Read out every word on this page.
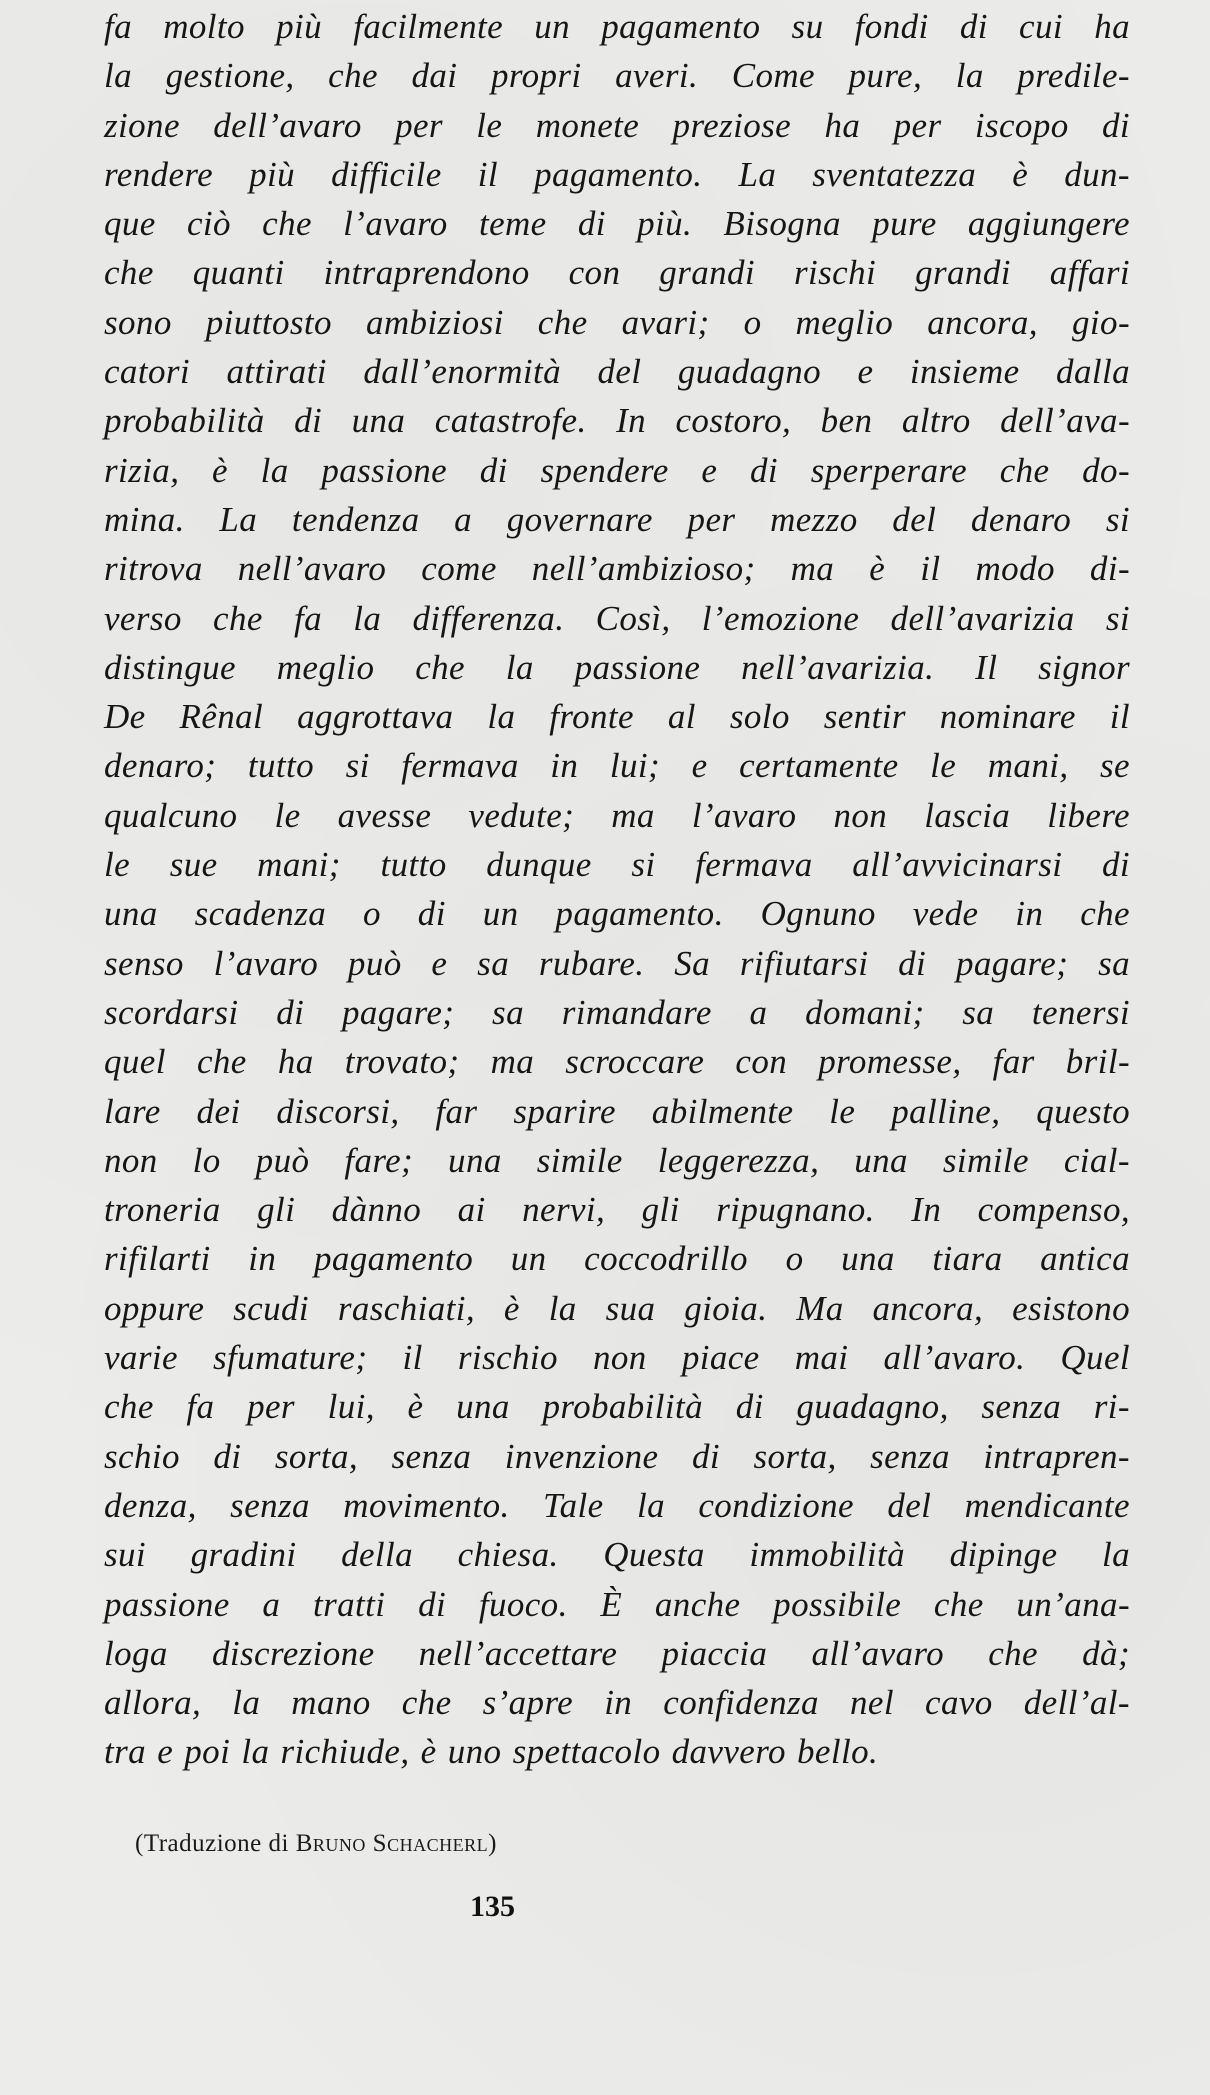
fa molto più facilmente un pagamento su fondi di cui ha
la gestione, che dai propri averi. Come pure, la predile-
zione dell’avaro per le monete preziose ha per iscopo di
rendere più difficile il pagamento. La sventatezza è dun-
que ciò che l’avaro teme di più. Bisogna pure aggiungere
che quanti intraprendono con grandi rischi grandi affari
sono piuttosto ambiziosi che avari; o meglio ancora, gio-
catori attirati dall’enormità del guadagno e insieme dalla
probabilità di una catastrofe. In costoro, ben altro dell’ava-
rizia, è la passione di spendere e di sperperare che do-
mina. La tendenza a governare per mezzo del denaro si
ritrova nell’avaro come nell’ambizioso; ma è il modo di-
verso che fa la differenza. Così, l’emozione dell’avarizia si
distingue meglio che la passione nell’avarizia. Il signor
De Rênal aggrottava la fronte al solo sentir nominare il
denaro; tutto si fermava in lui; e certamente le mani, se
qualcuno le avesse vedute; ma l’avaro non lascia libere
le sue mani; tutto dunque si fermava all’avvicinarsi di
una scadenza o di un pagamento. Ognuno vede in che
senso l’avaro può e sa rubare. Sa rifiutarsi di pagare; sa
scordarsi di pagare; sa rimandare a domani; sa tenersi
quel che ha trovato; ma scroccare con promesse, far bril-
lare dei discorsi, far sparire abilmente le palline, questo
non lo può fare; una simile leggerezza, una simile cial-
troneria gli dànno ai nervi, gli ripugnano. In compenso,
rifilarti in pagamento un coccodrillo o una tiara antica
oppure scudi raschiati, è la sua gioia. Ma ancora, esistono
varie sfumature; il rischio non piace mai all’avaro. Quel
che fa per lui, è una probabilità di guadagno, senza ri-
schio di sorta, senza invenzione di sorta, senza intrapren-
denza, senza movimento. Tale la condizione del mendicante
sui gradini della chiesa. Questa immobilità dipinge la
passione a tratti di fuoco. È anche possibile che un’ana-
loga discrezione nell’accettare piaccia all’avaro che dà;
allora, la mano che s’apre in confidenza nel cavo dell’al-
tra e poi la richiude, è uno spettacolo davvero bello.
(Traduzione di Bruno Schacherl)
135
